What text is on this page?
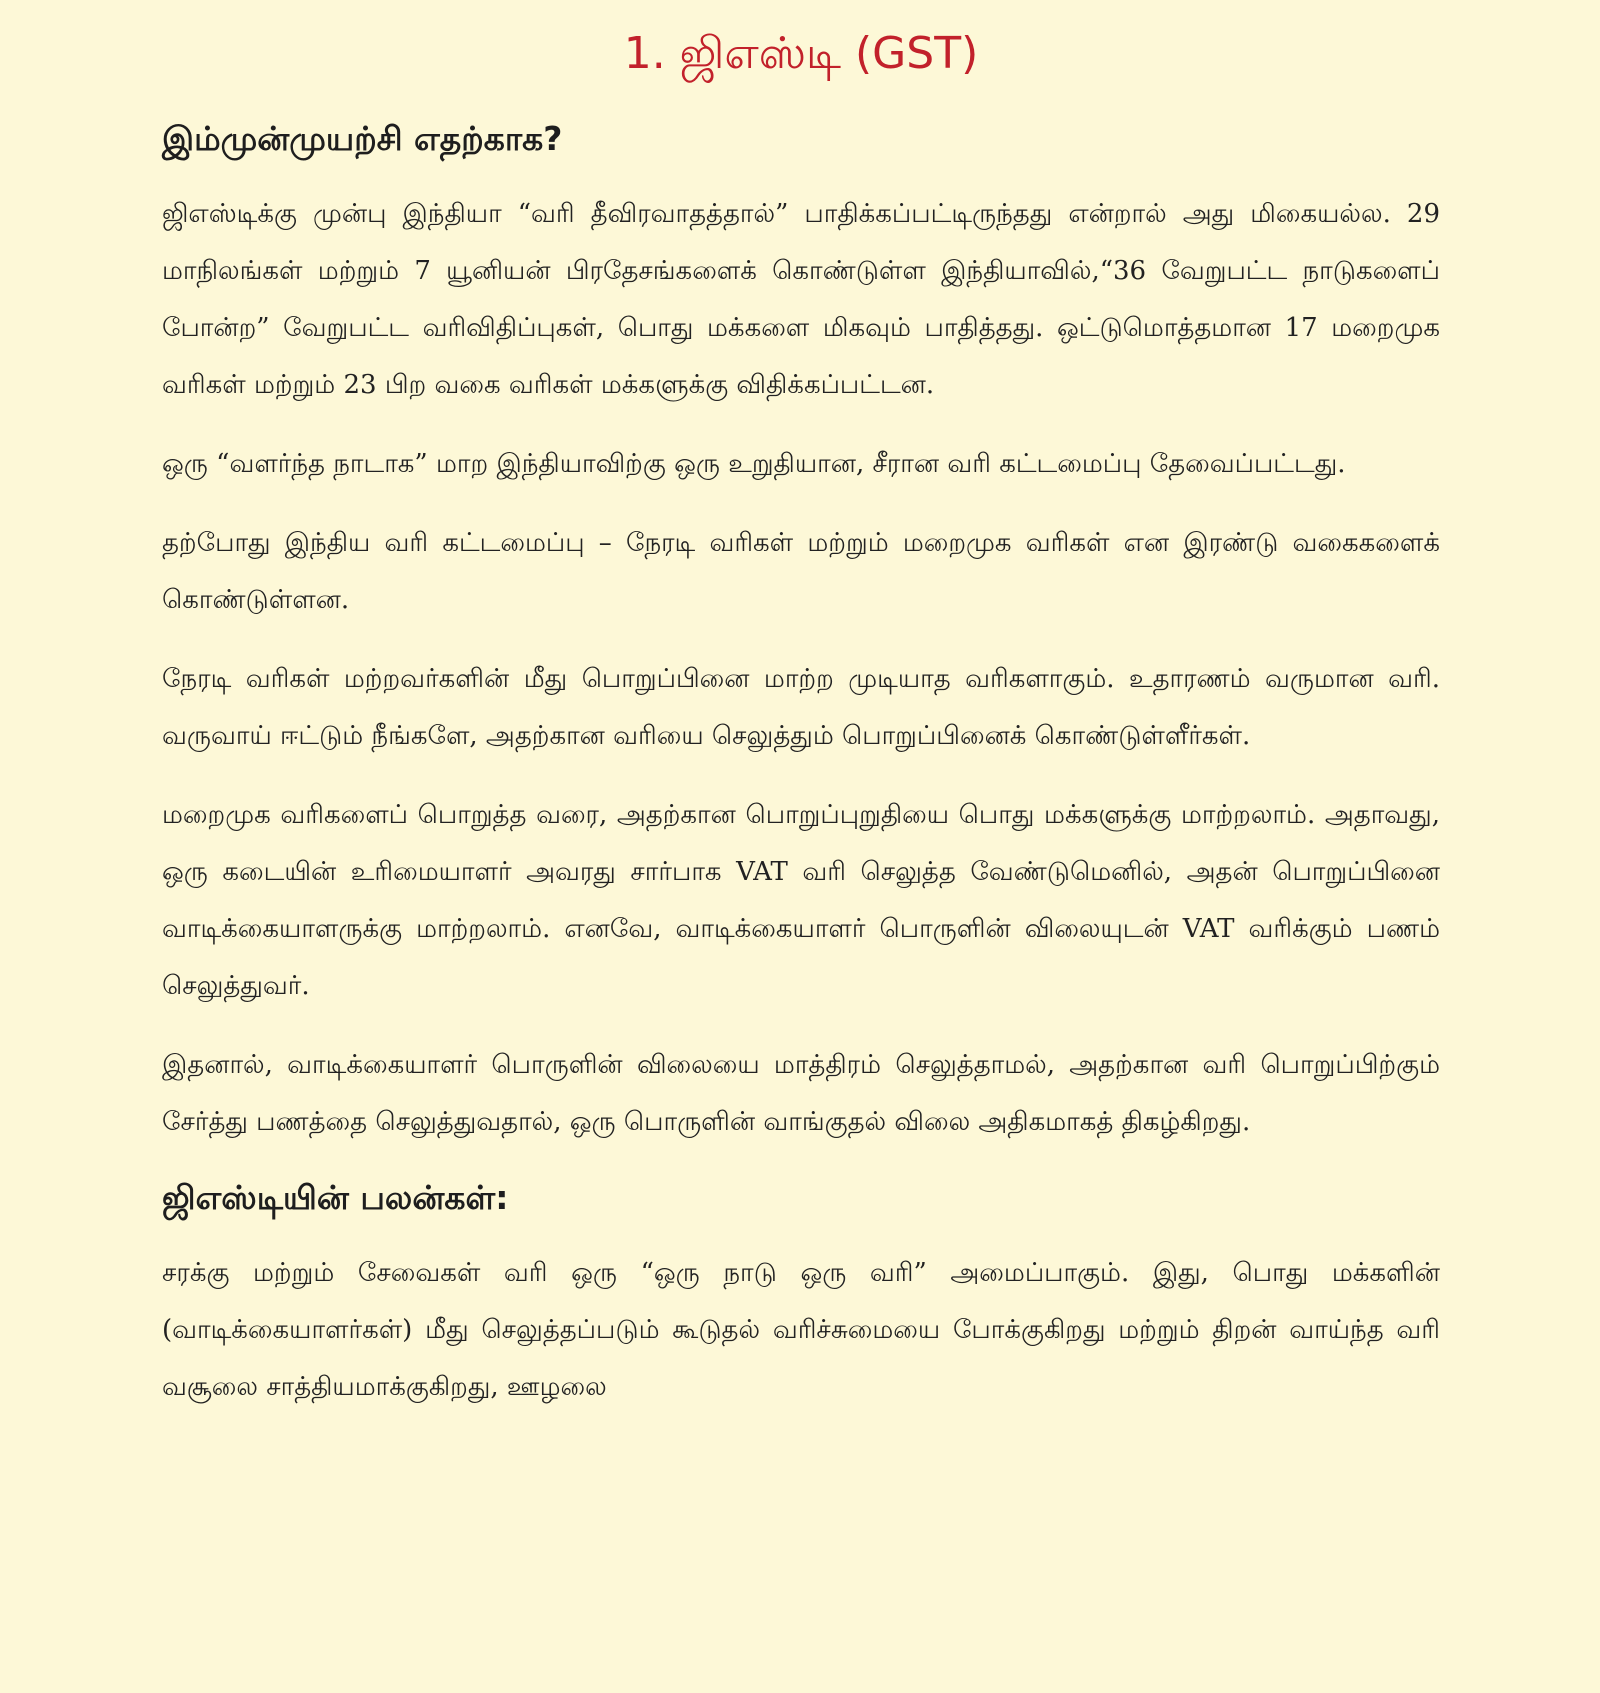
1. ஜிஎஸ்டி (GST)
இம்முன்முயற்சி எதற்காக?

ஜிஎஸ்டிக்கு முன்பு இந்தியா “வரி தீவிரவாதத்தால்” பாதிக்கப்பட்டிருந்தது என்றால் அது மிகையல்ல. 29 மாநிலங்கள் மற்றும் 7 யூனியன் பிரதேசங்களைக் கொண்டுள்ள இந்தியாவில்,“36 வேறுபட்ட நாடுகளைப் போன்ற” வேறுபட்ட வரிவிதிப்புகள், பொது மக்களை மிகவும் பாதித்தது. ஒட்டுமொத்தமான 17 மறைமுக வரிகள் மற்றும் 23 பிற வகை வரிகள் மக்களுக்கு விதிக்கப்பட்டன.

ஒரு “வளர்ந்த நாடாக” மாற இந்தியாவிற்கு ஒரு உறுதியான, சீரான வரி கட்டமைப்பு தேவைப்பட்டது.

தற்போது இந்திய வரி கட்டமைப்பு – நேரடி வரிகள் மற்றும் மறைமுக வரிகள் என இரண்டு வகைகளைக் கொண்டுள்ளன.

நேரடி வரிகள் மற்றவர்களின் மீது பொறுப்பினை மாற்ற முடியாத வரிகளாகும். உதாரணம் வருமான வரி. வருவாய் ஈட்டும் நீங்களே, அதற்கான வரியை செலுத்தும் பொறுப்பினைக் கொண்டுள்ளீர்கள்.

மறைமுக வரிகளைப் பொறுத்த வரை, அதற்கான பொறுப்புறுதியை பொது மக்களுக்கு மாற்றலாம். அதாவது, ஒரு கடையின் உரிமையாளர் அவரது சார்பாக VAT வரி செலுத்த வேண்டுமெனில், அதன் பொறுப்பினை வாடிக்கையாளருக்கு மாற்றலாம். எனவே, வாடிக்கையாளர் பொருளின் விலையுடன் VAT வரிக்கும் பணம் செலுத்துவர்.

இதனால், வாடிக்கையாளர் பொருளின் விலையை மாத்திரம் செலுத்தாமல், அதற்கான வரி பொறுப்பிற்கும் சேர்த்து பணத்தை செலுத்துவதால், ஒரு பொருளின் வாங்குதல் விலை அதிகமாகத் திகழ்கிறது.

ஜிஎஸ்டியின் பலன்கள்:

சரக்கு மற்றும் சேவைகள் வரி ஒரு “ஒரு நாடு ஒரு வரி” அமைப்பாகும். இது, பொது மக்களின் (வாடிக்கையாளர்கள்) மீது செலுத்தப்படும் கூடுதல் வரிச்சுமையை போக்குகிறது மற்றும் திறன் வாய்ந்த வரி வசூலை சாத்தியமாக்குகிறது, ஊழலை
